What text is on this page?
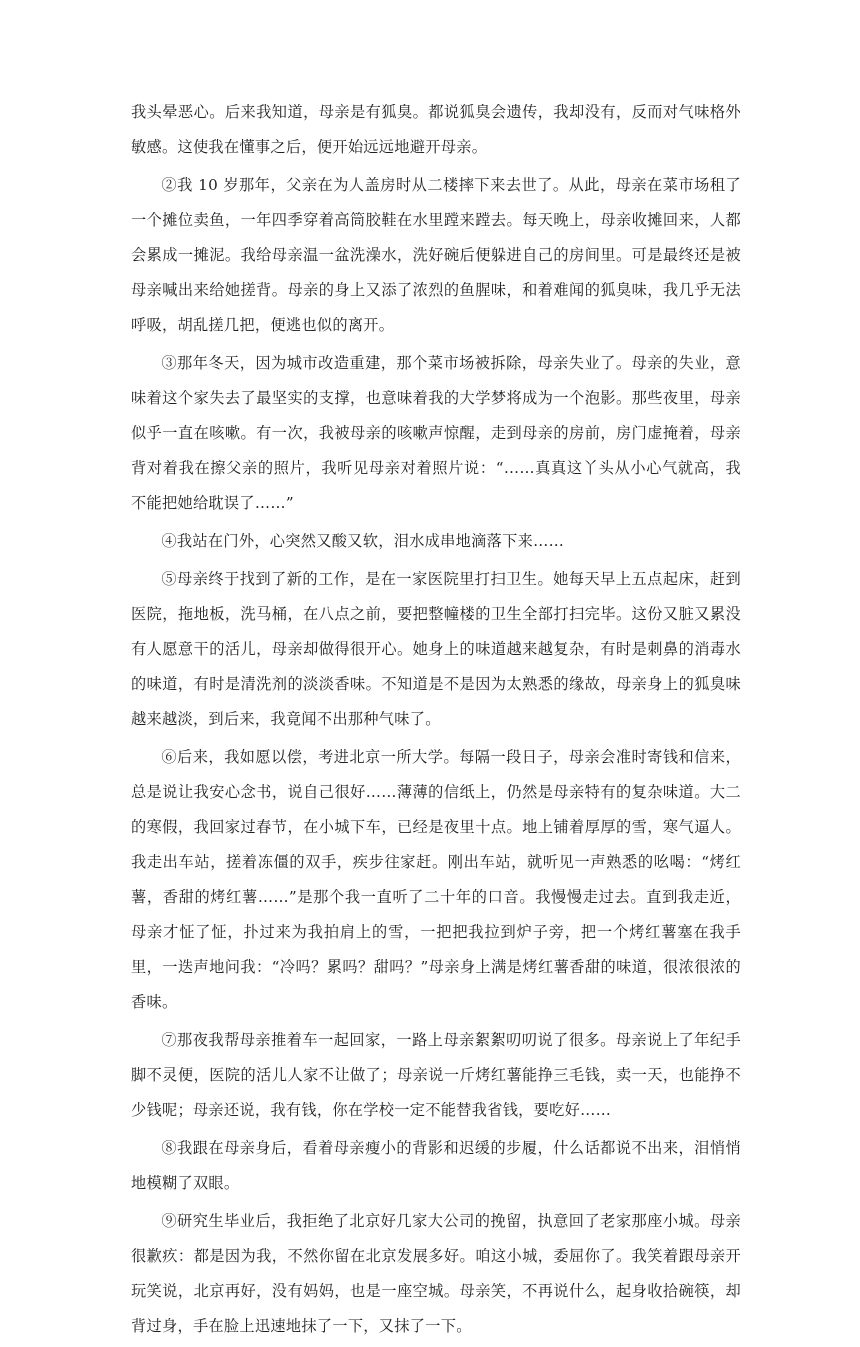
我头晕恶心。后来我知道，母亲是有狐臭。都说狐臭会遗传，我却没有，反而对气味格外敏感。这使我在懂事之后，便开始远远地避开母亲。

②我 10 岁那年，父亲在为人盖房时从二楼摔下来去世了。从此，母亲在菜市场租了一个摊位卖鱼，一年四季穿着高筒胶鞋在水里蹚来蹚去。每天晚上，母亲收摊回来，人都会累成一摊泥。我给母亲温一盆洗澡水，洗好碗后便躲进自己的房间里。可是最终还是被母亲喊出来给她搓背。母亲的身上又添了浓烈的鱼腥味，和着难闻的狐臭味，我几乎无法呼吸，胡乱搓几把，便逃也似的离开。

③那年冬天，因为城市改造重建，那个菜市场被拆除，母亲失业了。母亲的失业，意味着这个家失去了最坚实的支撑，也意味着我的大学梦将成为一个泡影。那些夜里，母亲似乎一直在咳嗽。有一次，我被母亲的咳嗽声惊醒，走到母亲的房前，房门虚掩着，母亲背对着我在擦父亲的照片，我听见母亲对着照片说：“……真真这丫头从小心气就高，我不能把她给耽误了……”

④我站在门外，心突然又酸又软，泪水成串地滴落下来……

⑤母亲终于找到了新的工作，是在一家医院里打扫卫生。她每天早上五点起床，赶到医院，拖地板，洗马桶，在八点之前，要把整幢楼的卫生全部打扫完毕。这份又脏又累没有人愿意干的活儿，母亲却做得很开心。她身上的味道越来越复杂，有时是刺鼻的消毒水的味道，有时是清洗剂的淡淡香味。不知道是不是因为太熟悉的缘故，母亲身上的狐臭味越来越淡，到后来，我竟闻不出那种气味了。

⑥后来，我如愿以偿，考进北京一所大学。每隔一段日子，母亲会准时寄钱和信来，总是说让我安心念书，说自己很好……薄薄的信纸上，仍然是母亲特有的复杂味道。大二的寒假，我回家过春节，在小城下车，已经是夜里十点。地上铺着厚厚的雪，寒气逼人。我走出车站，搓着冻僵的双手，疾步往家赶。刚出车站，就听见一声熟悉的吆喝：“烤红薯，香甜的烤红薯……”是那个我一直听了二十年的口音。我慢慢走过去。直到我走近，母亲才怔了怔，扑过来为我拍肩上的雪，一把把我拉到炉子旁，把一个烤红薯塞在我手里，一迭声地问我：“冷吗？累吗？甜吗？”母亲身上满是烤红薯香甜的味道，很浓很浓的香味。

⑦那夜我帮母亲推着车一起回家，一路上母亲絮絮叨叨说了很多。母亲说上了年纪手脚不灵便，医院的活儿人家不让做了；母亲说一斤烤红薯能挣三毛钱，卖一天，也能挣不少钱呢；母亲还说，我有钱，你在学校一定不能替我省钱，要吃好……

⑧我跟在母亲身后，看着母亲瘦小的背影和迟缓的步履，什么话都说不出来，泪悄悄地模糊了双眼。

⑨研究生毕业后，我拒绝了北京好几家大公司的挽留，执意回了老家那座小城。母亲很歉疚：都是因为我，不然你留在北京发展多好。咱这小城，委屈你了。我笑着跟母亲开玩笑说，北京再好，没有妈妈，也是一座空城。母亲笑，不再说什么，起身收拾碗筷，却背过身，手在脸上迅速地抹了一下，又抹了一下。
